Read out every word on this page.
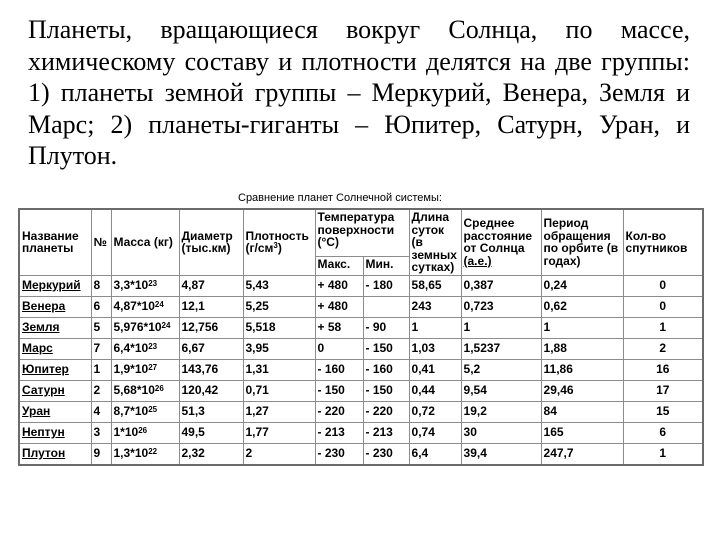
Планеты, вращающиеся вокруг Солнца, по массе, химическому составу и плотности делятся на две группы: 1) планеты земной группы – Меркурий, Венера, Земля и Марс; 2) планеты-гиганты – Юпитер, Сатурн, Уран, и Плутон.

Сравнение планет Солнечной системы:
Название планеты	№	Масса (кг)	Диаметр (тыс.км)	Плотность $(г/см^3)$	Температура поверхности (°С)		Длина суток (в земных сутках)	Среднее расстояние от Солнца (а.е.)	Период обращения по орбите (в годах)	Кол-во спутников
					Макс.	Мин.				
Меркурий	8	$3,3*10^{23}$	4,87	5,43	+ 480	- 180	58,65	0,387	0,24	0
Венера	6	$4,87*10^{24}$	12,1	5,25	+ 480		243	0,723	0,62	0
Земля	5	$5,976*10^{24}$	12,756	5,518	+ 58	- 90	1	1	1	1
Марс	7	$6,4*10^{23}$	6,67	3,95	0	- 150	1,03	1,5237	1,88	2
Юпитер	1	$1,9*10^{27}$	143,76	1,31	- 160	- 160	0,41	5,2	11,86	16
Сатурн	2	$5,68*10^{26}$	120,42	0,71	- 150	- 150	0,44	9,54	29,46	17
Уран	4	$8,7*10^{25}$	51,3	1,27	- 220	- 220	0,72	19,2	84	15
Нептун	3	$1*10^{26}$	49,5	1,77	- 213	- 213	0,74	30	165	6
Плутон	9	$1,3*10^{22}$	2,32	2	- 230	- 230	6,4	39,4	247,7	1
